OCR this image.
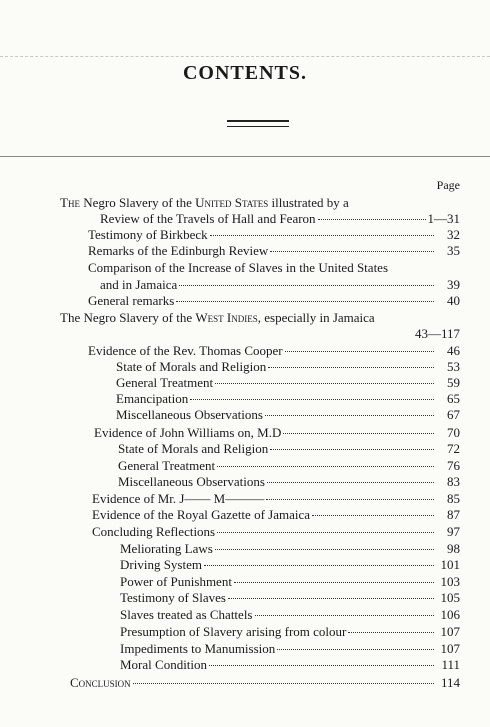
CONTENTS.
Page
The Negro Slavery of the United States illustrated by a
Review of the Travels of Hall and Fearon	1—31
Testimony of Birkbeck	32
Remarks of the Edinburgh Review	35
Comparison of the Increase of Slaves in the United States
and in Jamaica	39
General remarks	40
The Negro Slavery of the West Indies, especially in Jamaica
43—117
Evidence of the Rev. Thomas Cooper	46
State of Morals and Religion	53
General Treatment	59
Emancipation	65
Miscellaneous Observations	67
Evidence of John Williams on, M.D	70
State of Morals and Religion	72
General Treatment	76
Miscellaneous Observations	83
Evidence of Mr. J—— M———	85
Evidence of the Royal Gazette of Jamaica	87
Concluding Reflections	97
Meliorating Laws	98
Driving System	101
Power of Punishment	103
Testimony of Slaves	105
Slaves treated as Chattels	106
Presumption of Slavery arising from colour	107
Impediments to Manumission	107
Moral Condition	111
Conclusion	114
